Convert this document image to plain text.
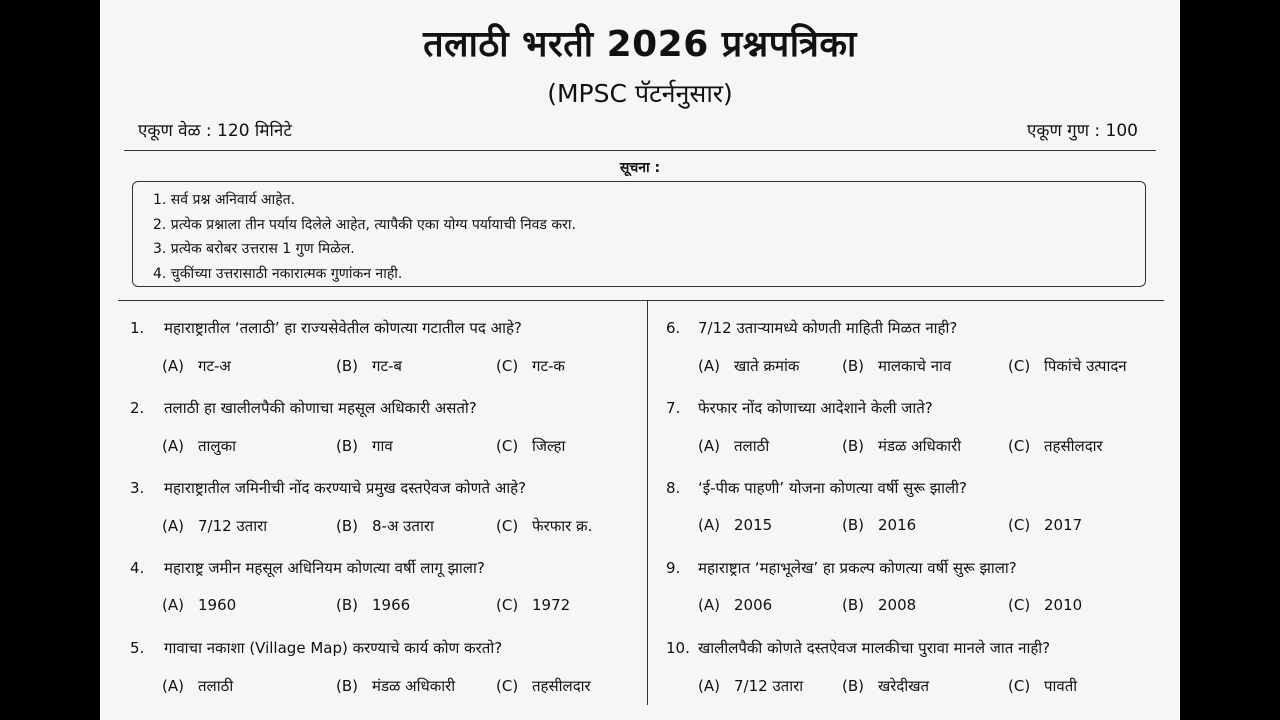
तलाठी भरती 2026 प्रश्नपत्रिका
(MPSC पॅटर्ननुसार)
एकूण वेळ : 120 मिनिटे	एकूण गुण : 100
सूचना :
1. सर्व प्रश्न अनिवार्य आहेत.
2. प्रत्येक प्रश्नाला तीन पर्याय दिलेले आहेत, त्यापैकी एका योग्य पर्यायाची निवड करा.
3. प्रत्येक बरोबर उत्तरास 1 गुण मिळेल.
4. चुकींच्या उत्तरासाठी नकारात्मक गुणांकन नाही.
1. महाराष्ट्रातील ‘तलाठी’ हा राज्यसेवेतील कोणत्या गटातील पद आहे?
(A) गट-अ	(B) गट-ब	(C) गट-क
2. तलाठी हा खालीलपैकी कोणाचा महसूल अधिकारी असतो?
(A) तालुका	(B) गाव	(C) जिल्हा
3. महाराष्ट्रातील जमिनीची नोंद करण्याचे प्रमुख दस्तऐवज कोणते आहे?
(A) 7/12 उतारा	(B) 8-अ उतारा	(C) फेरफार क्र.
4. महाराष्ट्र जमीन महसूल अधिनियम कोणत्या वर्षी लागू झाला?
(A) 1960	(B) 1966	(C) 1972
5. गावाचा नकाशा (Village Map) करण्याचे कार्य कोण करतो?
(A) तलाठी	(B) मंडळ अधिकारी	(C) तहसीलदार
6. 7/12 उताऱ्यामध्ये कोणती माहिती मिळत नाही?
(A) खाते क्रमांक	(B) मालकाचे नाव	(C) पिकांचे उत्पादन
7. फेरफार नोंद कोणाच्या आदेशाने केली जाते?
(A) तलाठी	(B) मंडळ अधिकारी	(C) तहसीलदार
8. ‘ई-पीक पाहणी’ योजना कोणत्या वर्षी सुरू झाली?
(A) 2015	(B) 2016	(C) 2017
9. महाराष्ट्रात ‘महाभूलेख’ हा प्रकल्प कोणत्या वर्षी सुरू झाला?
(A) 2006	(B) 2008	(C) 2010
10. खालीलपैकी कोणते दस्तऐवज मालकीचा पुरावा मानले जात नाही?
(A) 7/12 उतारा	(B) खरेदीखत	(C) पावती
